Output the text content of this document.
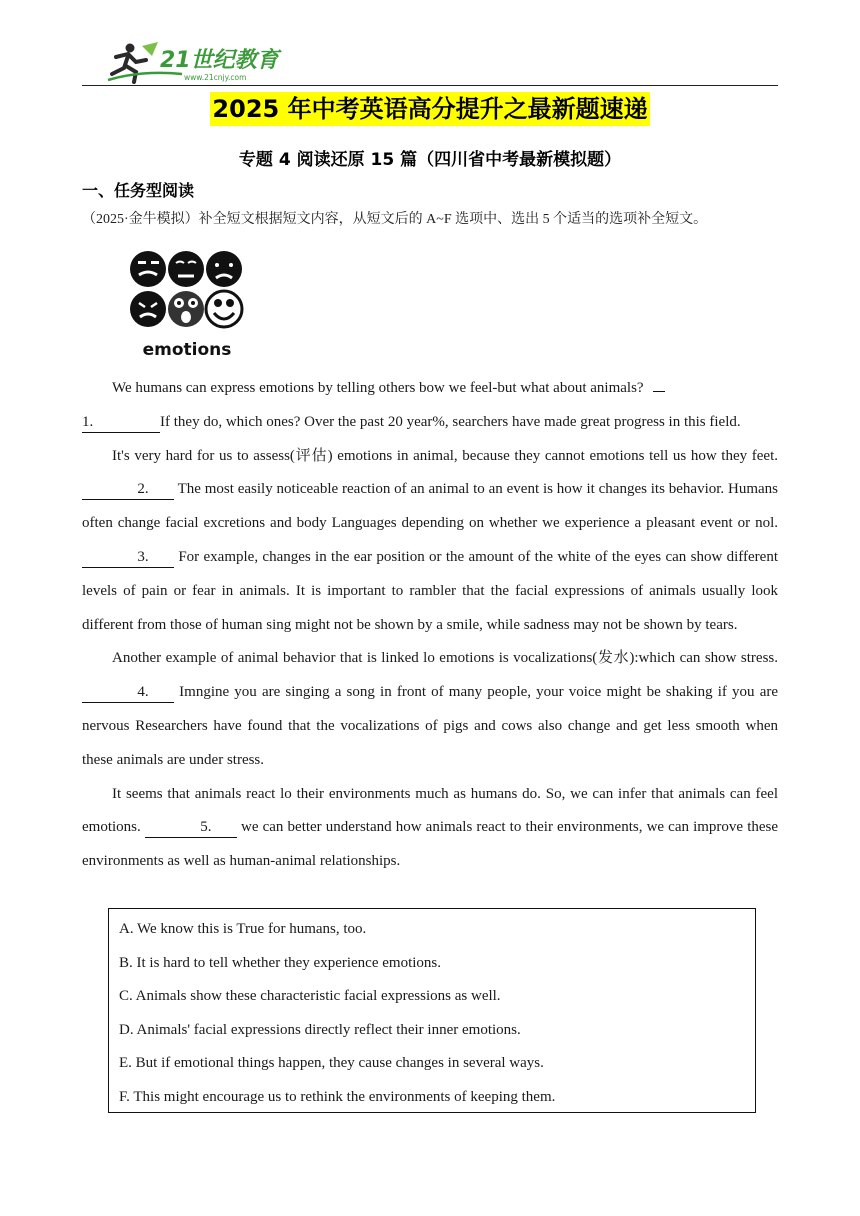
21世纪教育
www.21cnjy.com
2025 年中考英语高分提升之最新题速递
专题 4 阅读还原 15 篇（四川省中考最新模拟题）
一、任务型阅读
（2025·金牛模拟）补全短文根据短文内容，从短文后的 A~F 选项中、选出 5 个适当的选项补全短文。
emotions

We humans can express emotions by telling others bow we feel-but what about animals?

1.	If they do, which ones? Over the past 20 year%, searchers have made great progress in this field.

It's very hard for us to assess(评估) emotions in animal, because they cannot emotions tell us how they feet. 2. The most easily noticeable reaction of an animal to an event is how it changes its behavior. Humans often change facial excretions and body Languages depending on whether we experience a pleasant event or nol. 3. For example, changes in the ear position or the amount of the white of the eyes can show different levels of pain or fear in animals. It is important to rambler that the facial expressions of animals usually look different from those of human sing might not be shown by a smile, while sadness may not be shown by tears.

Another example of animal behavior that is linked lo emotions is vocalizations(发水):which can show stress. 4. Imngine you are singing a song in front of many people, your voice might be shaking if you are nervous Researchers have found that the vocalizations of pigs and cows also change and get less smooth when these animals are under stress.

It seems that animals react lo their environments much as humans do. So, we can infer that animals can feel emotions.	5. we can better understand how animals react to their environments, we can improve these environments as well as human-animal relationships.

A. We know this is True for humans, too.
B. It is hard to tell whether they experience emotions.
C. Animals show these characteristic facial expressions as well.
D. Animals' facial expressions directly reflect their inner emotions.
E. But if emotional things happen, they cause changes in several ways.
F. This might encourage us to rethink the environments of keeping them.
